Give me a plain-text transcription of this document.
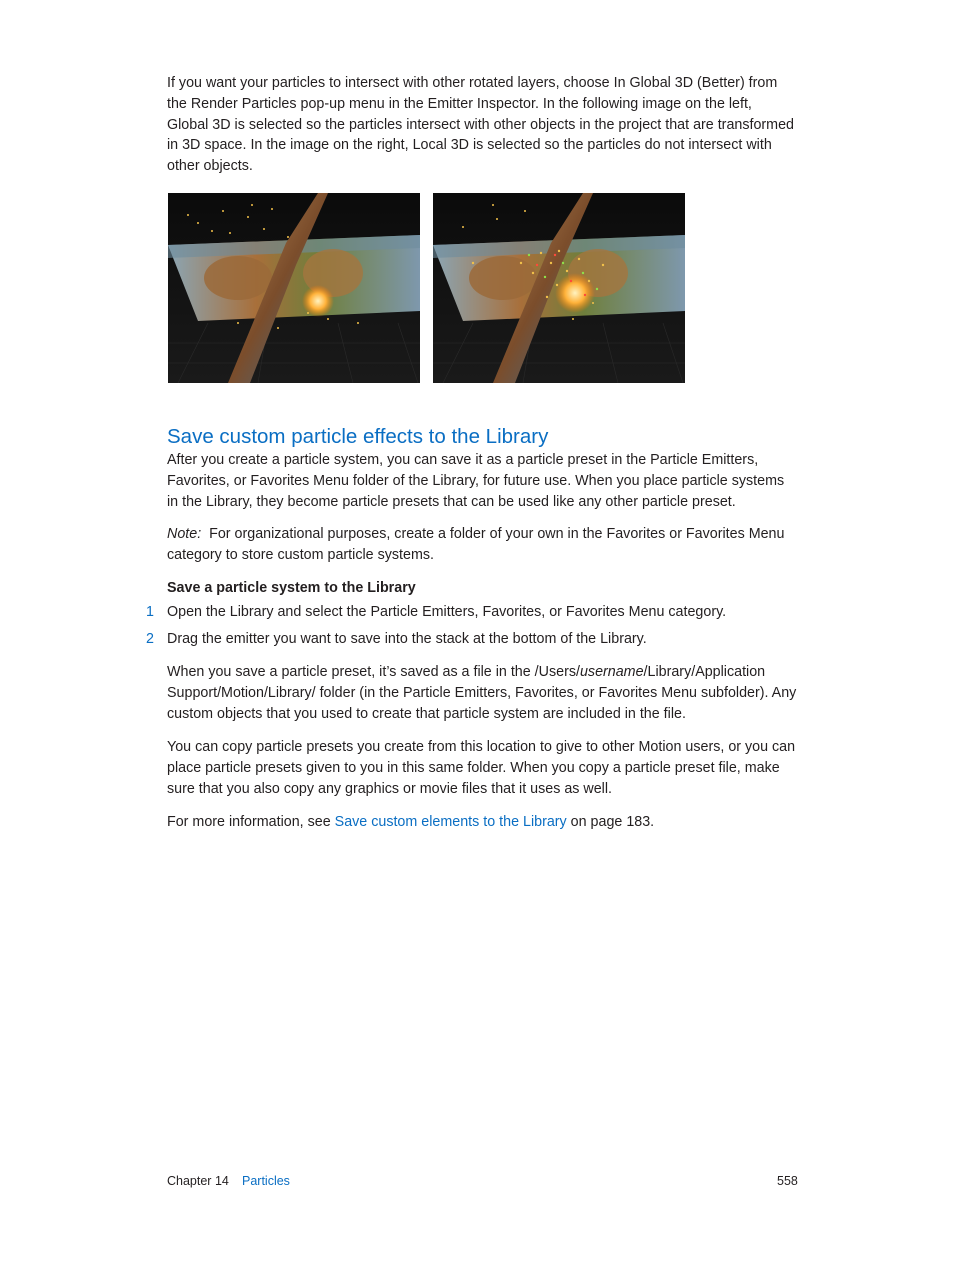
If you want your particles to intersect with other rotated layers, choose In Global 3D (Better) from the Render Particles pop-up menu in the Emitter Inspector. In the following image on the left, Global 3D is selected so the particles intersect with other objects in the project that are transformed in 3D space. In the image on the right, Local 3D is selected so the particles do not intersect with other objects.

Save custom particle effects to the Library

After you create a particle system, you can save it as a particle preset in the Particle Emitters, Favorites, or Favorites Menu folder of the Library, for future use. When you place particle systems in the Library, they become particle presets that can be used like any other particle preset.

Note: For organizational purposes, create a folder of your own in the Favorites or Favorites Menu category to store custom particle systems.

Save a particle system to the Library

1 Open the Library and select the Particle Emitters, Favorites, or Favorites Menu category.
2 Drag the emitter you want to save into the stack at the bottom of the Library.

When you save a particle preset, it’s saved as a file in the /Users/username/Library/Application Support/Motion/Library/ folder (in the Particle Emitters, Favorites, or Favorites Menu subfolder). Any custom objects that you used to create that particle system are included in the file.

You can copy particle presets you create from this location to give to other Motion users, or you can place particle presets given to you in this same folder. When you copy a particle preset file, make sure that you also copy any graphics or movie files that it uses as well.

For more information, see Save custom elements to the Library on page 183.

Chapter 14 Particles	558
